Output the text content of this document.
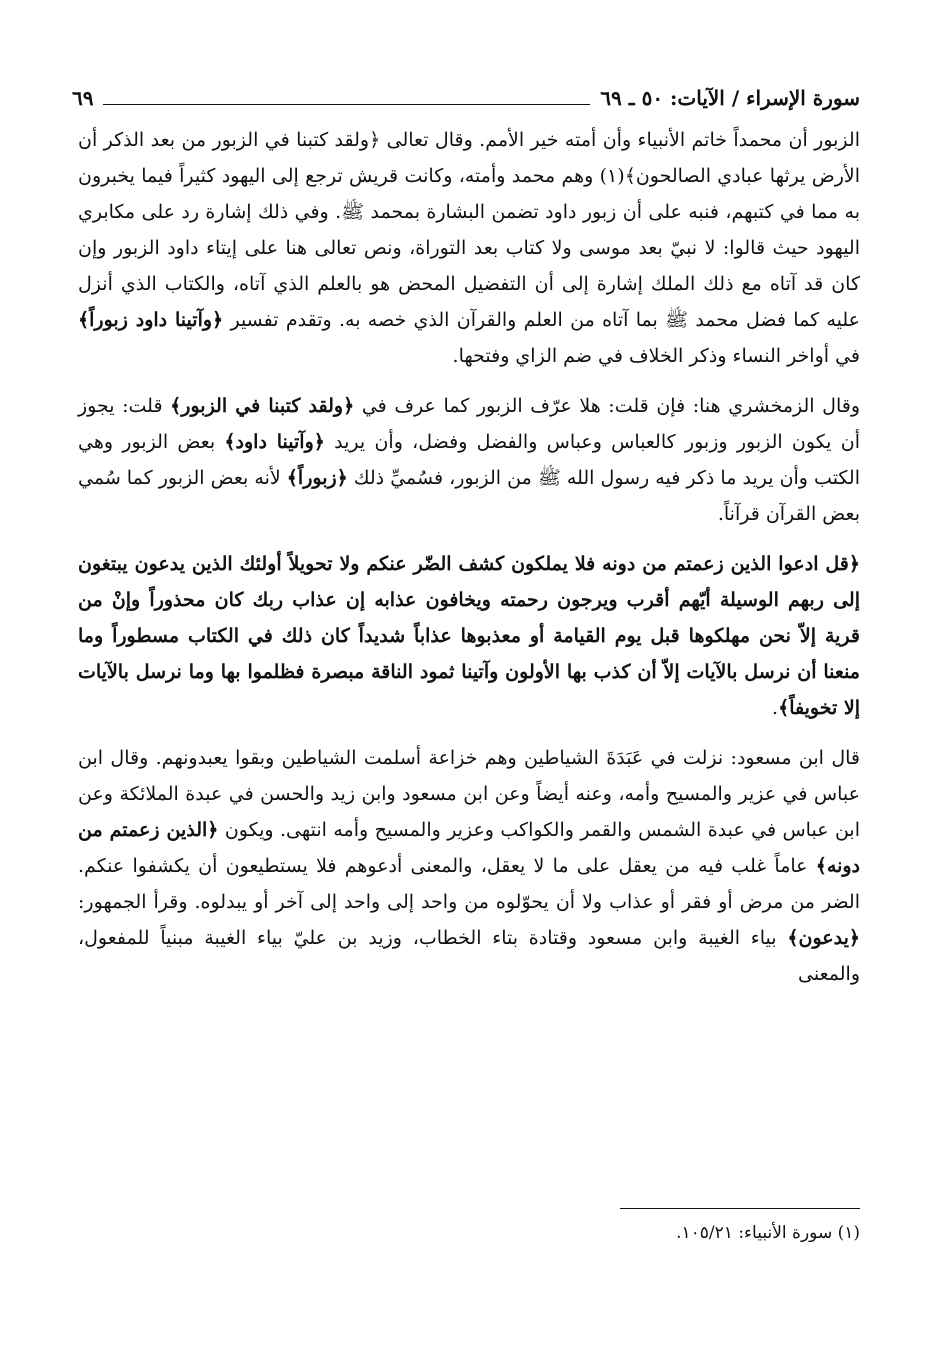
سورة الإسراء / الآيات: ٥٠ ـ ٦٩
٦٩

الزبور أن محمداً خاتم الأنبياء وأن أمته خير الأمم. وقال تعالى ﴿ولقد كتبنا في الزبور من بعد الذكر أن الأرض يرثها عبادي الصالحون﴾(١) وهم محمد وأمته، وكانت قريش ترجع إلى اليهود كثيراً فيما يخبرون به مما في كتبهم، فنبه على أن زبور داود تضمن البشارة بمحمد ﷺ. وفي ذلك إشارة رد على مكابري اليهود حيث قالوا: لا نبيّ بعد موسى ولا كتاب بعد التوراة، ونص تعالى هنا على إيتاء داود الزبور وإن كان قد آتاه مع ذلك الملك إشارة إلى أن التفضيل المحض هو بالعلم الذي آتاه، والكتاب الذي أنزل عليه كما فضل محمد ﷺ بما آتاه من العلم والقرآن الذي خصه به. وتقدم تفسير ﴿وآتينا داود زبوراً﴾ في أواخر النساء وذكر الخلاف في ضم الزاي وفتحها.

وقال الزمخشري هنا: فإن قلت: هلا عرّف الزبور كما عرف في ﴿ولقد كتبنا في الزبور﴾ قلت: يجوز أن يكون الزبور وزبور كالعباس وعباس والفضل وفضل، وأن يريد ﴿وآتينا داود﴾ بعض الزبور وهي الكتب وأن يريد ما ذكر فيه رسول الله ﷺ من الزبور، فسُميِّ ذلك ﴿زبوراً﴾ لأنه بعض الزبور كما سُمي بعض القرآن قرآناً.

﴿قل ادعوا الذين زعمتم من دونه فلا يملكون كشف الضّر عنكم ولا تحويلاً أولئك الذين يدعون يبتغون إلى ربهم الوسيلة أيّهم أقرب ويرجون رحمته ويخافون عذابه إن عذاب ربك كان محذوراً وإنْ من قرية إلاّ نحن مهلكوها قبل يوم القيامة أو معذبوها عذاباً شديداً كان ذلك في الكتاب مسطوراً وما منعنا أن نرسل بالآيات إلاّ أن كذب بها الأولون وآتينا ثمود الناقة مبصرة فظلموا بها وما نرسل بالآيات إلا تخويفاً﴾.

قال ابن مسعود: نزلت في عَبَدَةَ الشياطين وهم خزاعة أسلمت الشياطين وبقوا يعبدونهم. وقال ابن عباس في عزير والمسيح وأمه، وعنه أيضاً وعن ابن مسعود وابن زيد والحسن في عبدة الملائكة وعن ابن عباس في عبدة الشمس والقمر والكواكب وعزير والمسيح وأمه انتهى. ويكون ﴿الذين زعمتم من دونه﴾ عاماً غلب فيه من يعقل على ما لا يعقل، والمعنى أدعوهم فلا يستطيعون أن يكشفوا عنكم. الضر من مرض أو فقر أو عذاب ولا أن يحوّلوه من واحد إلى واحد إلى آخر أو يبدلوه. وقرأ الجمهور: ﴿يدعون﴾ بياء الغيبة وابن مسعود وقتادة بتاء الخطاب، وزيد بن عليّ بياء الغيبة مبنياً للمفعول، والمعنى

(١) سورة الأنبياء: ١٠٥/٢١.
